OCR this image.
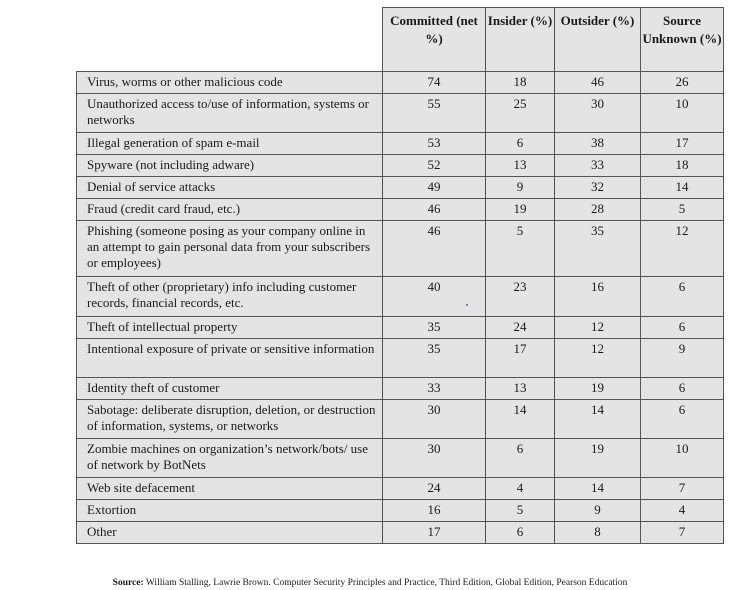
	Committed (net %)	Insider (%)	Outsider (%)	Source Unknown (%)
Virus, worms or other malicious code	74	18	46	26
Unauthorized access to/use of information, systems or networks	55	25	30	10
Illegal generation of spam e-mail	53	6	38	17
Spyware (not including adware)	52	13	33	18
Denial of service attacks	49	9	32	14
Fraud (credit card fraud, etc.)	46	19	28	5
Phishing (someone posing as your company online in an attempt to gain personal data from your subscribers or employees)	46	5	35	12
Theft of other (proprietary) info including customer records, financial records, etc.	40	23	16	6
Theft of intellectual property	35	24	12	6
Intentional exposure of private or sensitive information	35	17	12	9
Identity theft of customer	33	13	19	6
Sabotage: deliberate disruption, deletion, or destruction of information, systems, or networks	30	14	14	6
Zombie machines on organization’s network/bots/ use of network by BotNets	30	6	19	10
Web site defacement	24	4	14	7
Extortion	16	5	9	4
Other	17	6	8	7
Source: William Stalling, Lawrie Brown. Computer Security Principles and Practice, Third Edition, Global Edition, Pearson Education
